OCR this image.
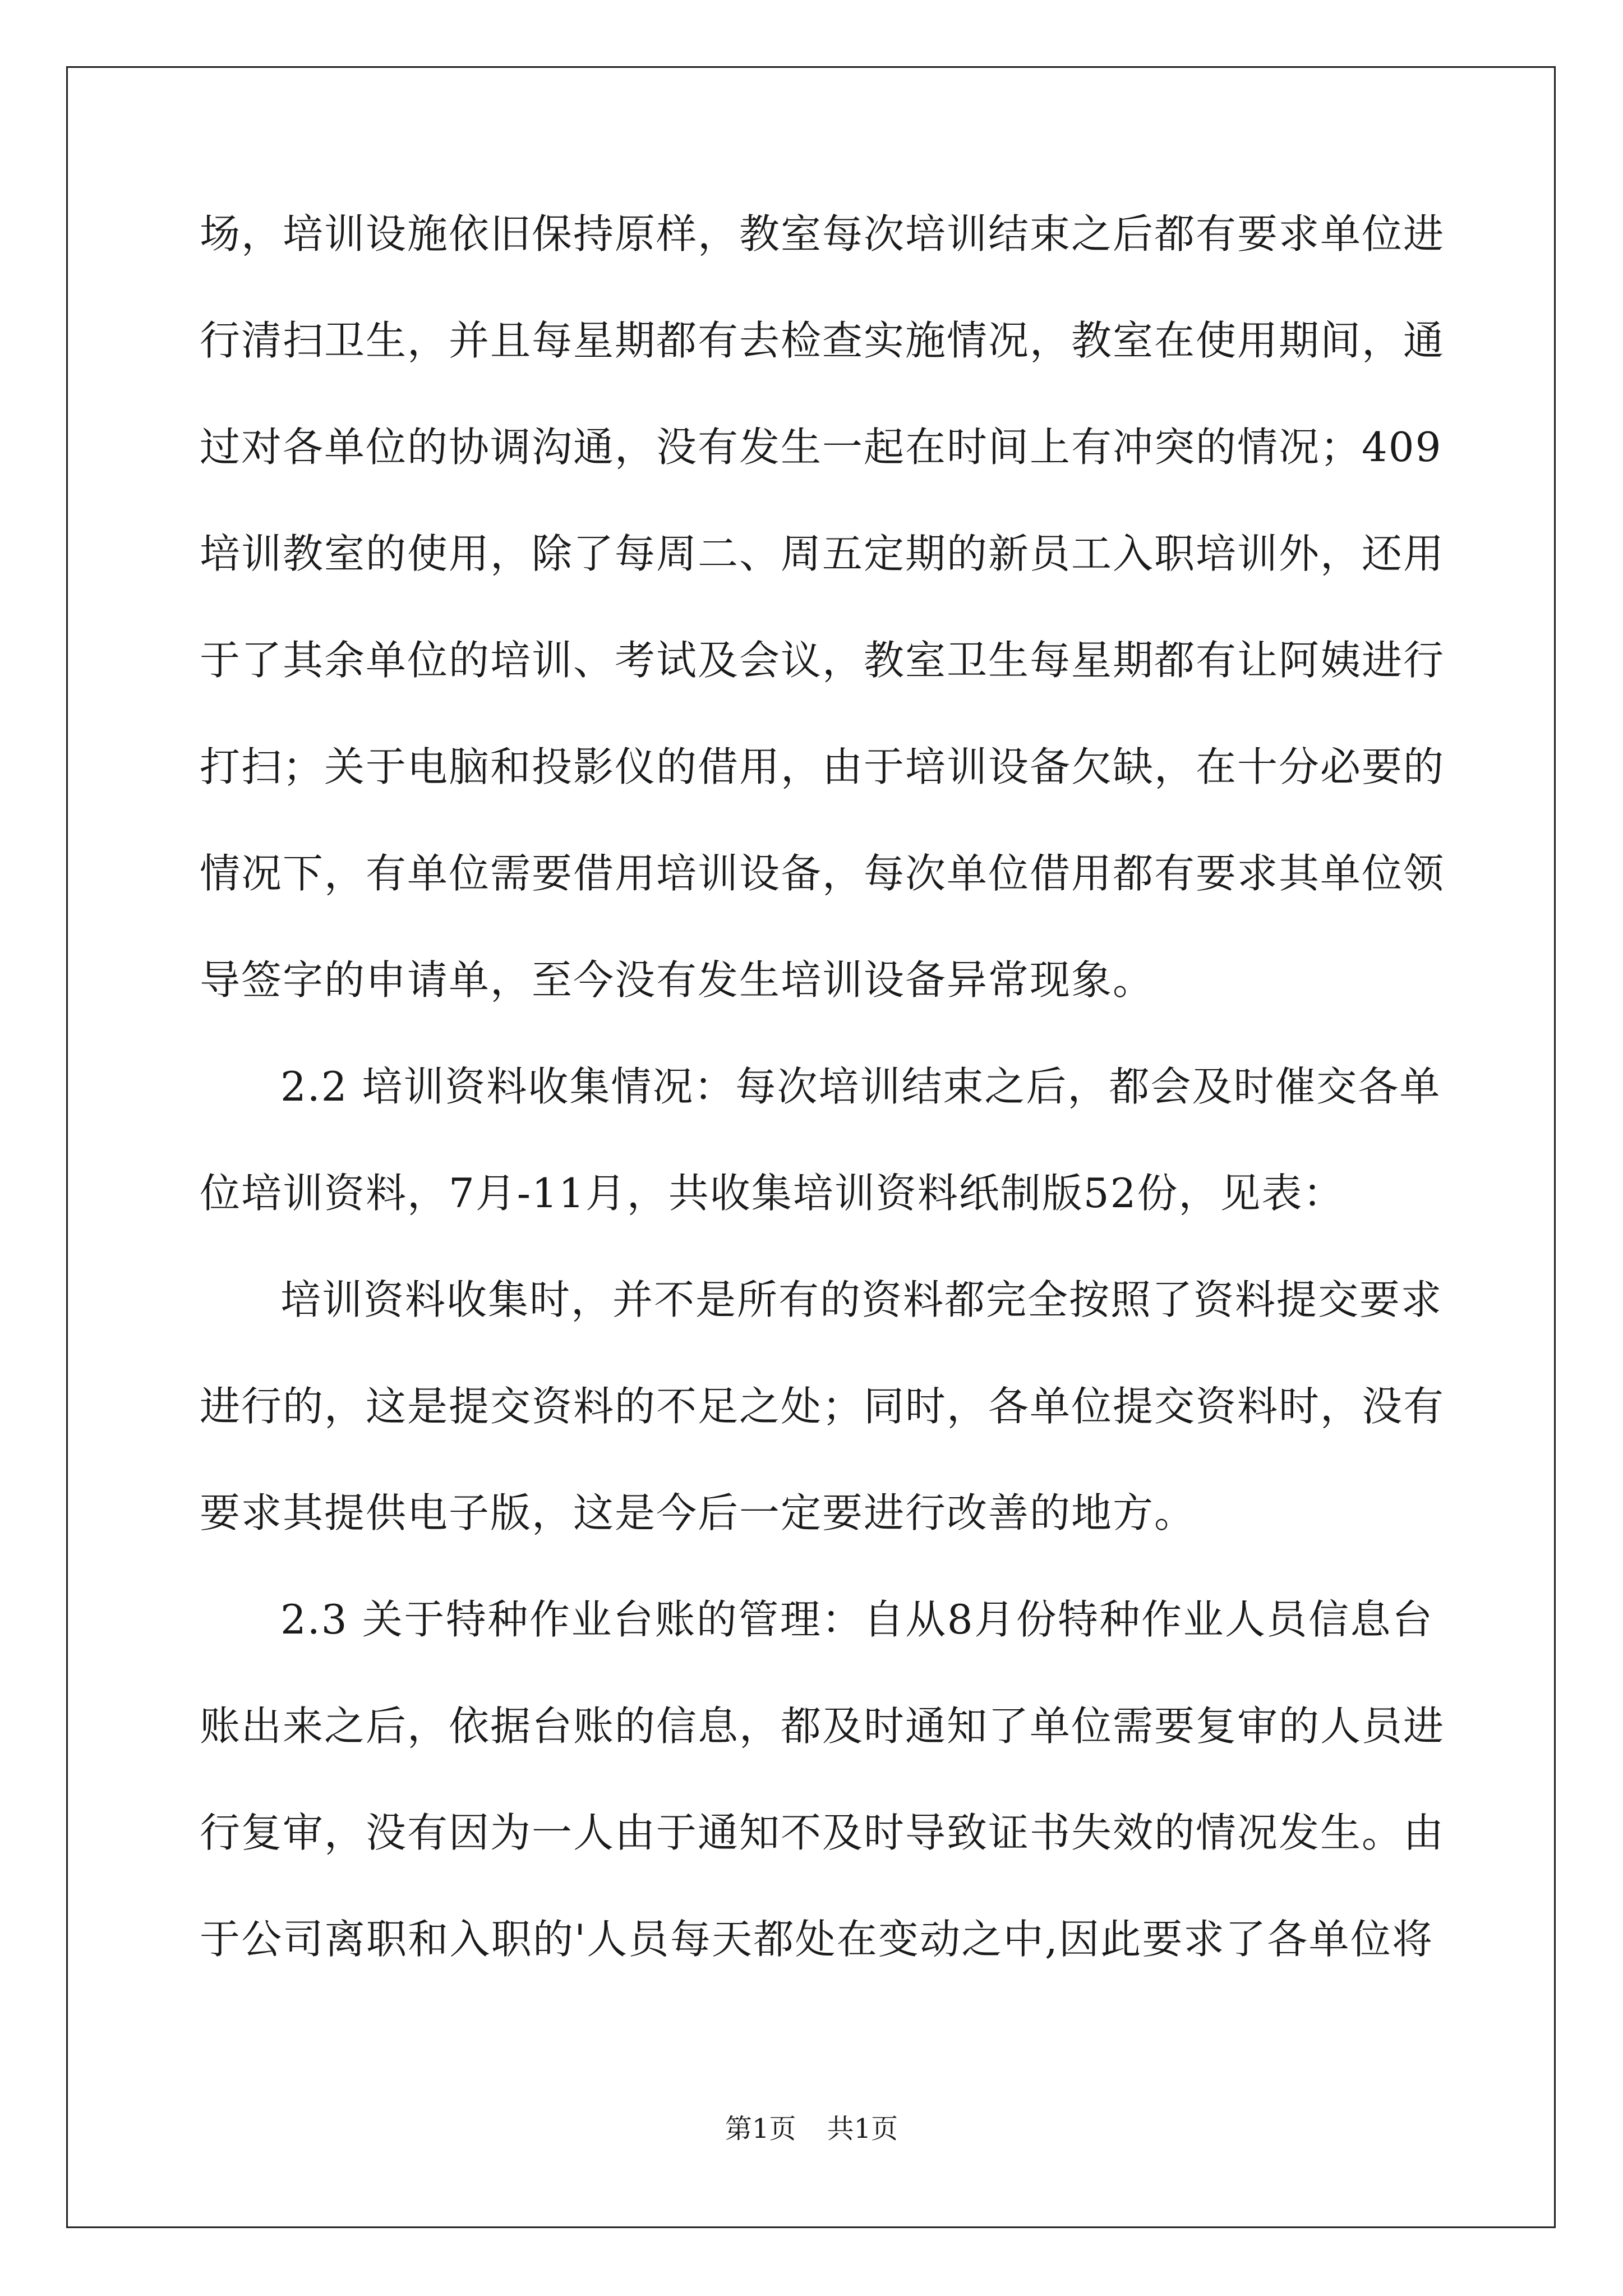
场，培训设施依旧保持原样，教室每次培训结束之后都有要求单位进
行清扫卫生，并且每星期都有去检查实施情况，教室在使用期间，通
过对各单位的协调沟通，没有发生一起在时间上有冲突的情况；409
培训教室的使用，除了每周二、周五定期的新员工入职培训外，还用
于了其余单位的培训、考试及会议，教室卫生每星期都有让阿姨进行
打扫；关于电脑和投影仪的借用，由于培训设备欠缺，在十分必要的
情况下，有单位需要借用培训设备，每次单位借用都有要求其单位领
导签字的申请单，至今没有发生培训设备异常现象。
2.2 培训资料收集情况：每次培训结束之后，都会及时催交各单
位培训资料，7月-11月，共收集培训资料纸制版52份，见表：
培训资料收集时，并不是所有的资料都完全按照了资料提交要求
进行的，这是提交资料的不足之处；同时，各单位提交资料时，没有
要求其提供电子版，这是今后一定要进行改善的地方。
2.3 关于特种作业台账的管理：自从8月份特种作业人员信息台
账出来之后，依据台账的信息，都及时通知了单位需要复审的人员进
行复审，没有因为一人由于通知不及时导致证书失效的情况发生。由
于公司离职和入职的'人员每天都处在变动之中,因此要求了各单位将
第1页 共1页
